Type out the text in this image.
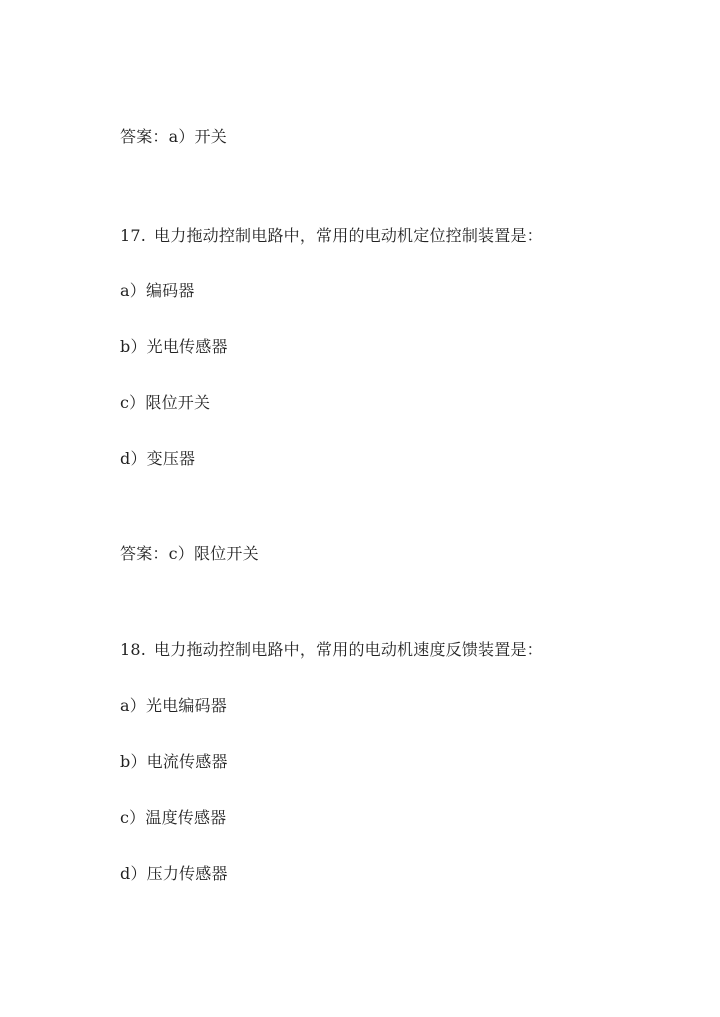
答案：a）开关
17. 电力拖动控制电路中，常用的电动机定位控制装置是：
a）编码器
b）光电传感器
c）限位开关
d）变压器
答案：c）限位开关
18. 电力拖动控制电路中，常用的电动机速度反馈装置是：
a）光电编码器
b）电流传感器
c）温度传感器
d）压力传感器
